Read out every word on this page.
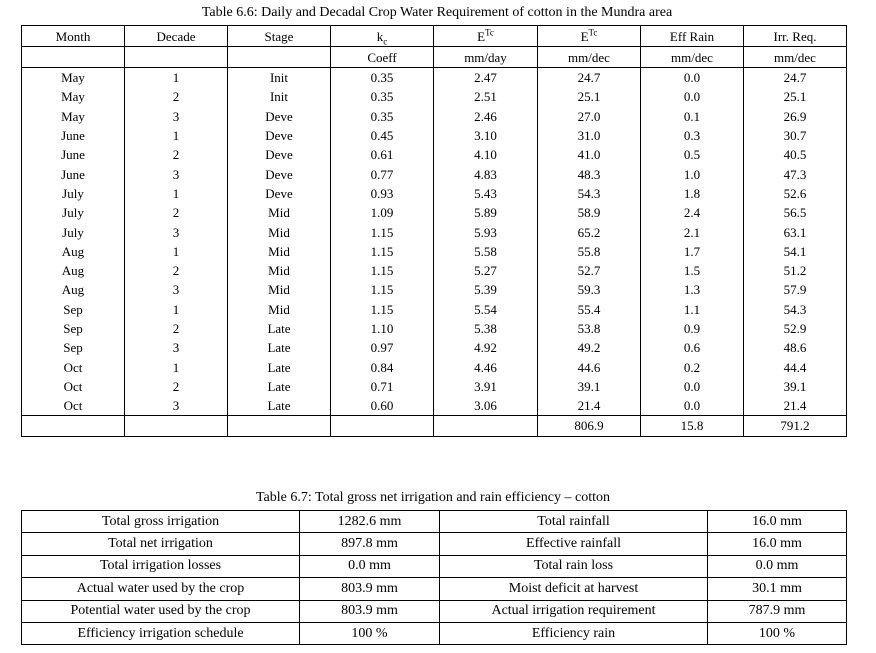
Table 6.6: Daily and Decadal Crop Water Requirement of cotton in the Mundra area
Month	Decade	Stage	$k_c$	$E^{Tc}$	$E^{Tc}$	Eff Rain	Irr. Req.
			Coeff	mm/day	mm/dec	mm/dec	mm/dec
May	1	Init	0.35	2.47	24.7	0.0	24.7
May	2	Init	0.35	2.51	25.1	0.0	25.1
May	3	Deve	0.35	2.46	27.0	0.1	26.9
June	1	Deve	0.45	3.10	31.0	0.3	30.7
June	2	Deve	0.61	4.10	41.0	0.5	40.5
June	3	Deve	0.77	4.83	48.3	1.0	47.3
July	1	Deve	0.93	5.43	54.3	1.8	52.6
July	2	Mid	1.09	5.89	58.9	2.4	56.5
July	3	Mid	1.15	5.93	65.2	2.1	63.1
Aug	1	Mid	1.15	5.58	55.8	1.7	54.1
Aug	2	Mid	1.15	5.27	52.7	1.5	51.2
Aug	3	Mid	1.15	5.39	59.3	1.3	57.9
Sep	1	Mid	1.15	5.54	55.4	1.1	54.3
Sep	2	Late	1.10	5.38	53.8	0.9	52.9
Sep	3	Late	0.97	4.92	49.2	0.6	48.6
Oct	1	Late	0.84	4.46	44.6	0.2	44.4
Oct	2	Late	0.71	3.91	39.1	0.0	39.1
Oct	3	Late	0.60	3.06	21.4	0.0	21.4
					806.9	15.8	791.2
Table 6.7: Total gross net irrigation and rain efficiency – cotton
Total gross irrigation	1282.6 mm	Total rainfall	16.0 mm
Total net irrigation	897.8 mm	Effective rainfall	16.0 mm
Total irrigation losses	0.0 mm	Total rain loss	0.0 mm
Actual water used by the crop	803.9 mm	Moist deficit at harvest	30.1 mm
Potential water used by the crop	803.9 mm	Actual irrigation requirement	787.9 mm
Efficiency irrigation schedule	100 %	Efficiency rain	100 %
